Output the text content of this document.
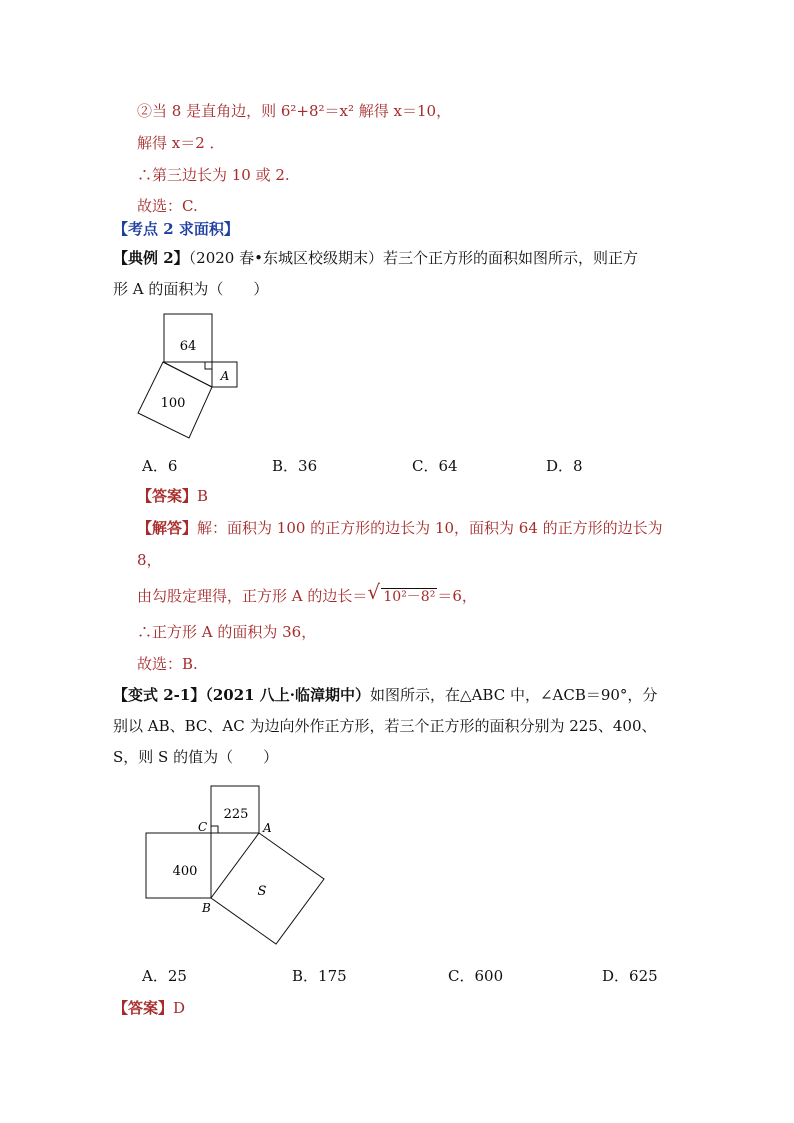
②当 8 是直角边，则 6²+8²＝x² 解得 x＝10，
解得 x＝2 ．
∴第三边长为 10 或 2.
故选：C.
【考点 2 求面积】
【典例 2】（2020 春•东城区校级期末）若三个正方形的面积如图所示，则正方
形 A 的面积为（　　）
64
A
100
A．6	B．36	C．64	D．8
【答案】B
【解答】解：面积为 100 的正方形的边长为 10，面积为 64 的正方形的边长为
8，
由勾股定理得，正方形 A 的边长＝ √ 10²－8² ＝6，
∴正方形 A 的面积为 36，
故选：B.
【变式 2-1】（2021 八上·临漳期中）如图所示，在△ABC 中，∠ACB＝90°，分
别以 AB、BC、AC 为边向外作正方形，若三个正方形的面积分别为 225、400、
S，则 S 的值为（　　）
225
400
S
C	A
B
A．25	B．175	C．600	D．625
【答案】D
